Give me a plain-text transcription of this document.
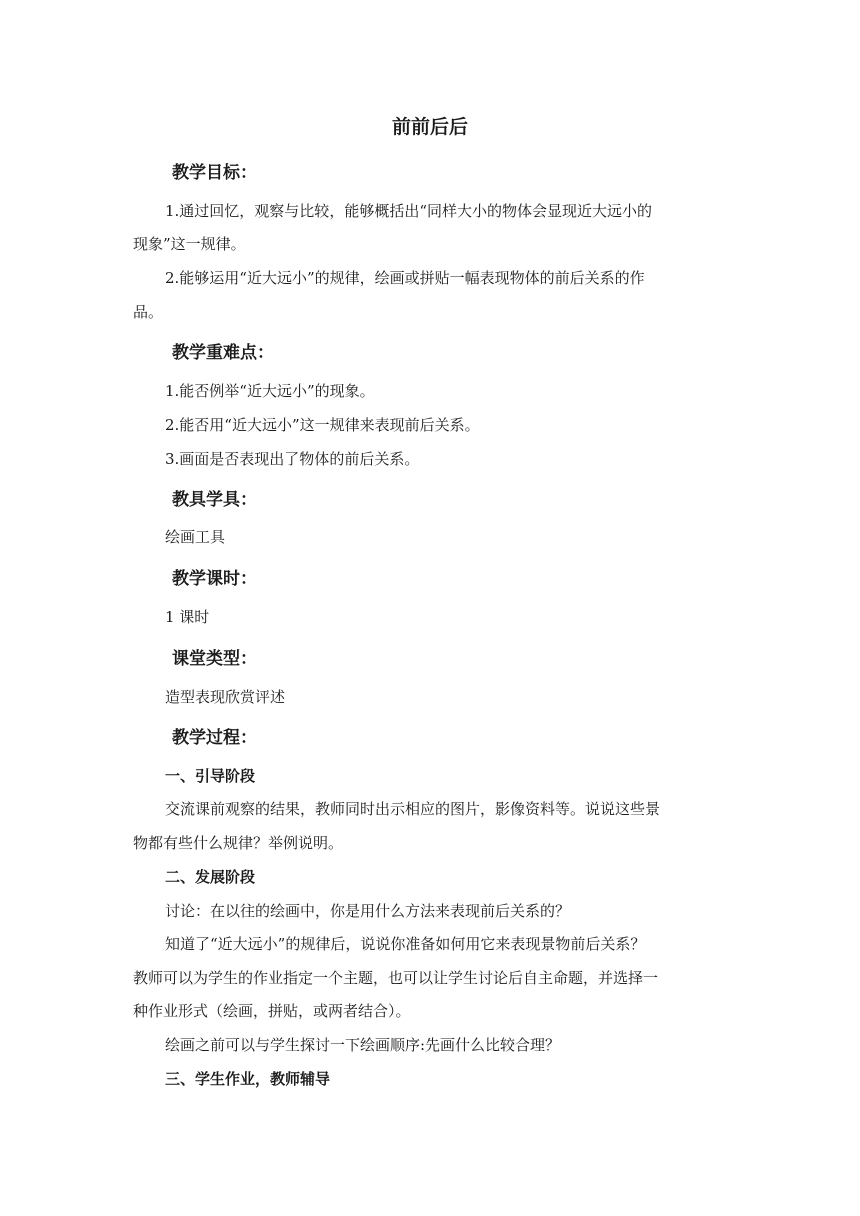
前前后后

教学目标：

1.通过回忆，观察与比较，能够概括出“同样大小的物体会显现近大远小的

现象”这一规律。

2.能够运用“近大远小”的规律，绘画或拼贴一幅表现物体的前后关系的作

品。

教学重难点：

1.能否例举“近大远小”的现象。

2.能否用“近大远小”这一规律来表现前后关系。

3.画面是否表现出了物体的前后关系。

教具学具：

绘画工具

教学课时：

1 课时

课堂类型：

造型表现欣赏评述

教学过程：

一、引导阶段

交流课前观察的结果，教师同时出示相应的图片，影像资料等。说说这些景

物都有些什么规律？举例说明。

二、发展阶段

讨论：在以往的绘画中，你是用什么方法来表现前后关系的？

知道了“近大远小”的规律后，说说你准备如何用它来表现景物前后关系？

教师可以为学生的作业指定一个主题，也可以让学生讨论后自主命题，并选择一

种作业形式（绘画，拼贴，或两者结合）。

绘画之前可以与学生探讨一下绘画顺序:先画什么比较合理？

三、学生作业，教师辅导
